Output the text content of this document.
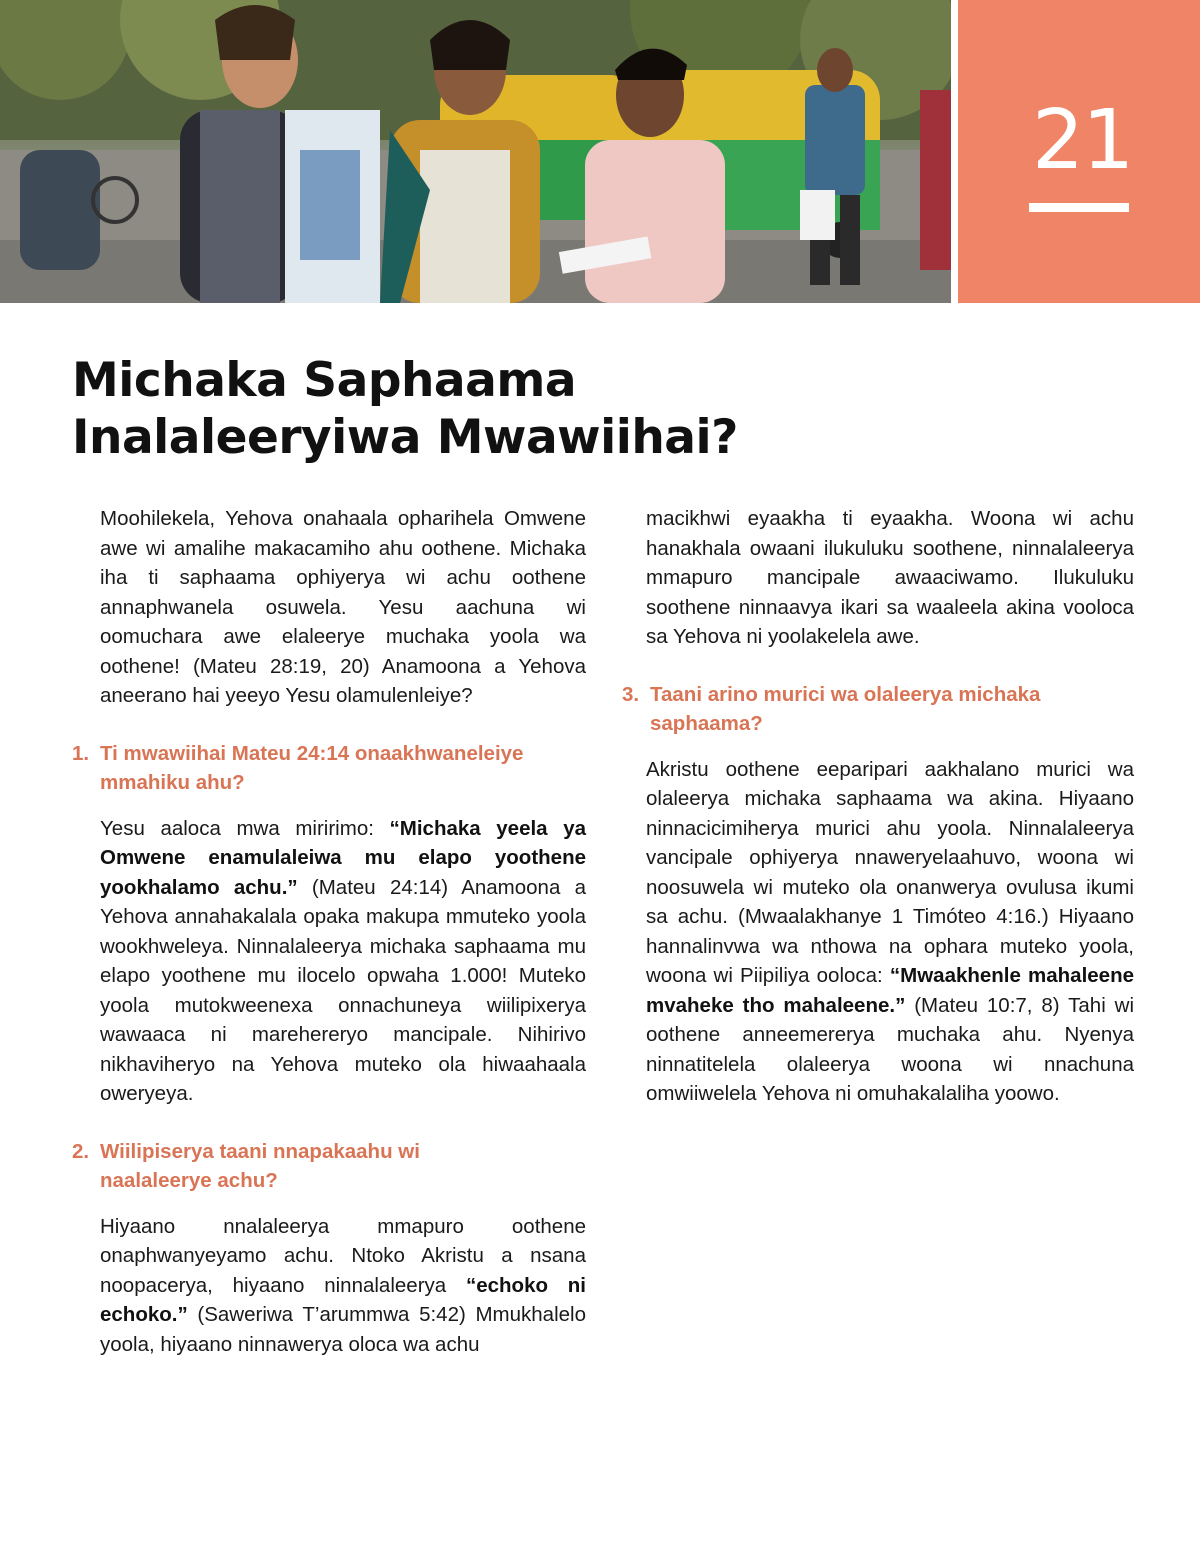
21
Michaka Saphaama
Inalaleeryiwa Mwawiihai?

Moohilekela, Yehova onahaala opharihela Omwene awe wi amalihe makacamiho ahu oothene. Michaka iha ti saphaama ophiyerya wi achu oothene annaphwanela osuwela. Yesu aachuna wi oomuchara awe elaleerye muchaka yoola wa oothene! (Mateu 28:19, 20) Anamoona a Yehova aneerano hai yeeyo Yesu olamulenleiye?

1. Ti mwawiihai Mateu 24:14 onaakhwaneleiye mmahiku ahu?

Yesu aaloca mwa miririmo: “Michaka yeela ya Omwene enamulaleiwa mu elapo yoothene yookhalamo achu.” (Mateu 24:14) Anamoona a Yehova annahakalala opaka makupa mmuteko yoola wookhweleya. Ninnalaleerya michaka saphaama mu elapo yoothene mu ilocelo opwaha 1.000! Muteko yoola mutokweenexa onnachuneya wiilipixerya wawaaca ni marehereryo mancipale. Nihirivo nikhaviheryo na Yehova muteko ola hiwaahaala oweryeya.

2. Wiilipiserya taani nnapakaahu wi naalaleerye achu?

Hiyaano nnalaleerya mmapuro oothene onaphwanyeyamo achu. Ntoko Akristu a nsana noopacerya, hiyaano ninnalaleerya “echoko ni echoko.” (Saweriwa T’arummwa 5:42) Mmukhalelo yoola, hiyaano ninnawerya oloca wa achu

macikhwi eyaakha ti eyaakha. Woona wi achu hanakhala owaani ilukuluku soothene, ninnalaleerya mmapuro mancipale awaaciwamo. Ilukuluku soothene ninnaavya ikari sa waaleela akina vooloca sa Yehova ni yoolakelela awe.

3. Taani arino murici wa olaleerya michaka saphaama?

Akristu oothene eeparipari aakhalano murici wa olaleerya michaka saphaama wa akina. Hiyaano ninnacicimiherya murici ahu yoola. Ninnalaleerya vancipale ophiyerya nnaweryelaahuvo, woona wi noosuwela wi muteko ola onanwerya ovulusa ikumi sa achu. (Mwaalakhanye 1 Timóteo 4:16.) Hiyaano hannalinvwa wa nthowa na ophara muteko yoola, woona wi Piipiliya ooloca: “Mwaakhenle mahaleene mvaheke tho mahaleene.” (Mateu 10:7, 8) Tahi wi oothene anneemererya muchaka ahu. Nyenya ninnatitelela olaleerya woona wi nnachuna omwiiwelela Yehova ni omuhakalaliha yoowo.
